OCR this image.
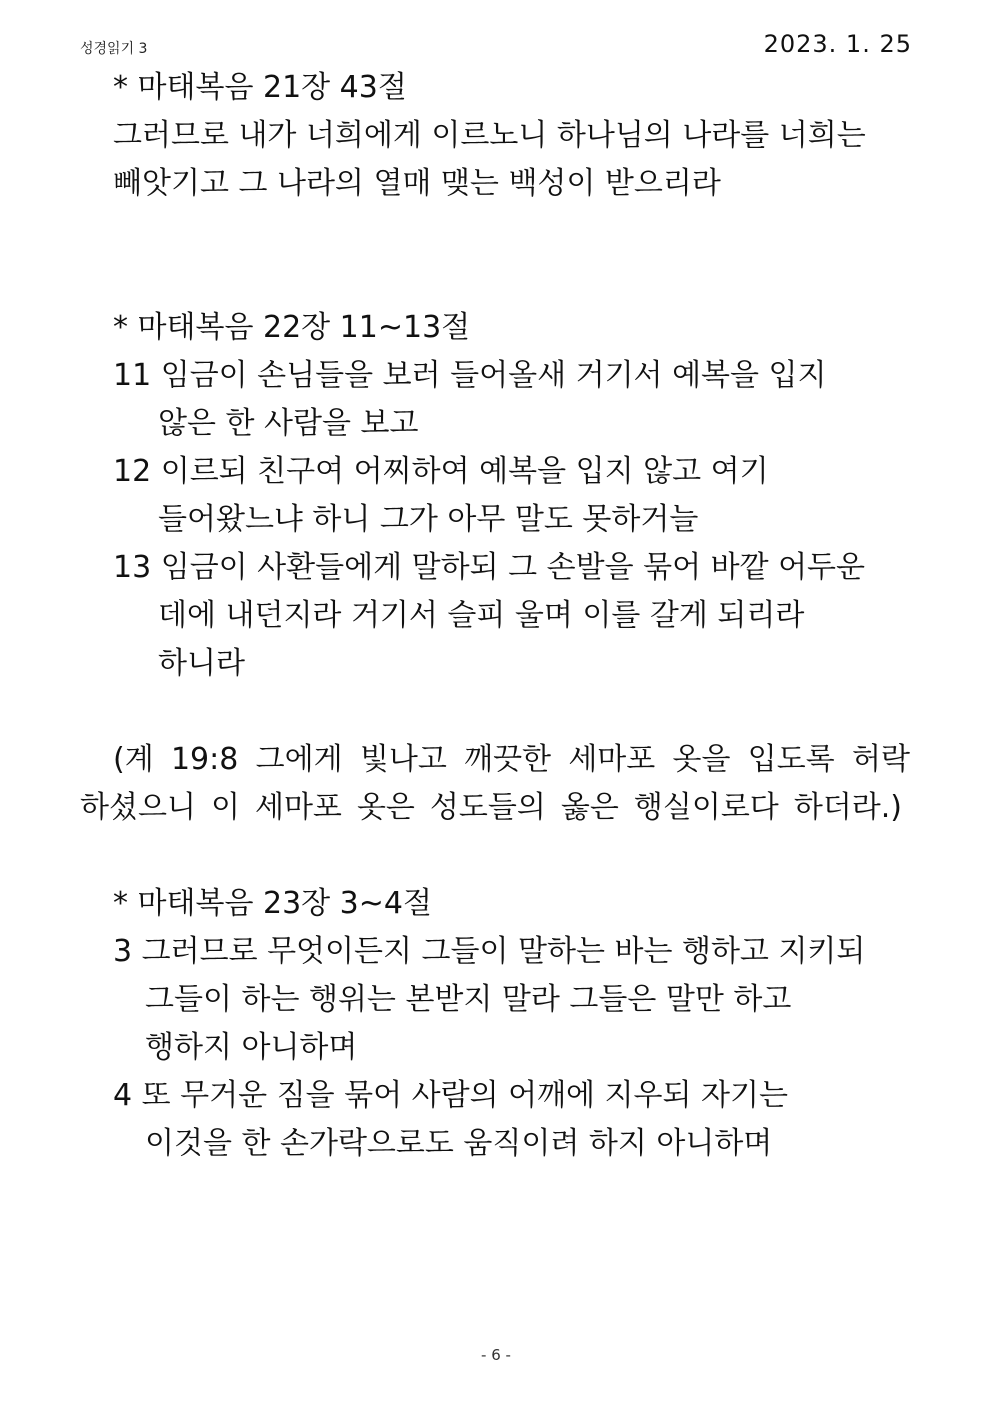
성경읽기 3	2023. 1. 25
* 마태복음 21장 43절
그러므로 내가 너희에게 이르노니 하나님의 나라를 너희는
빼앗기고 그 나라의 열매 맺는 백성이 받으리라
* 마태복음 22장 11~13절
11 임금이 손님들을 보러 들어올새 거기서 예복을 입지
않은 한 사람을 보고
12 이르되 친구여 어찌하여 예복을 입지 않고 여기
들어왔느냐 하니 그가 아무 말도 못하거늘
13 임금이 사환들에게 말하되 그 손발을 묶어 바깥 어두운
데에 내던지라 거기서 슬피 울며 이를 갈게 되리라
하니라
(계 19:8 그에게 빛나고 깨끗한 세마포 옷을 입도록 허락
하셨으니 이 세마포 옷은 성도들의 옳은 행실이로다 하더라.)
* 마태복음 23장 3~4절
3 그러므로 무엇이든지 그들이 말하는 바는 행하고 지키되
그들이 하는 행위는 본받지 말라 그들은 말만 하고
행하지 아니하며
4 또 무거운 짐을 묶어 사람의 어깨에 지우되 자기는
이것을 한 손가락으로도 움직이려 하지 아니하며
- 6 -
